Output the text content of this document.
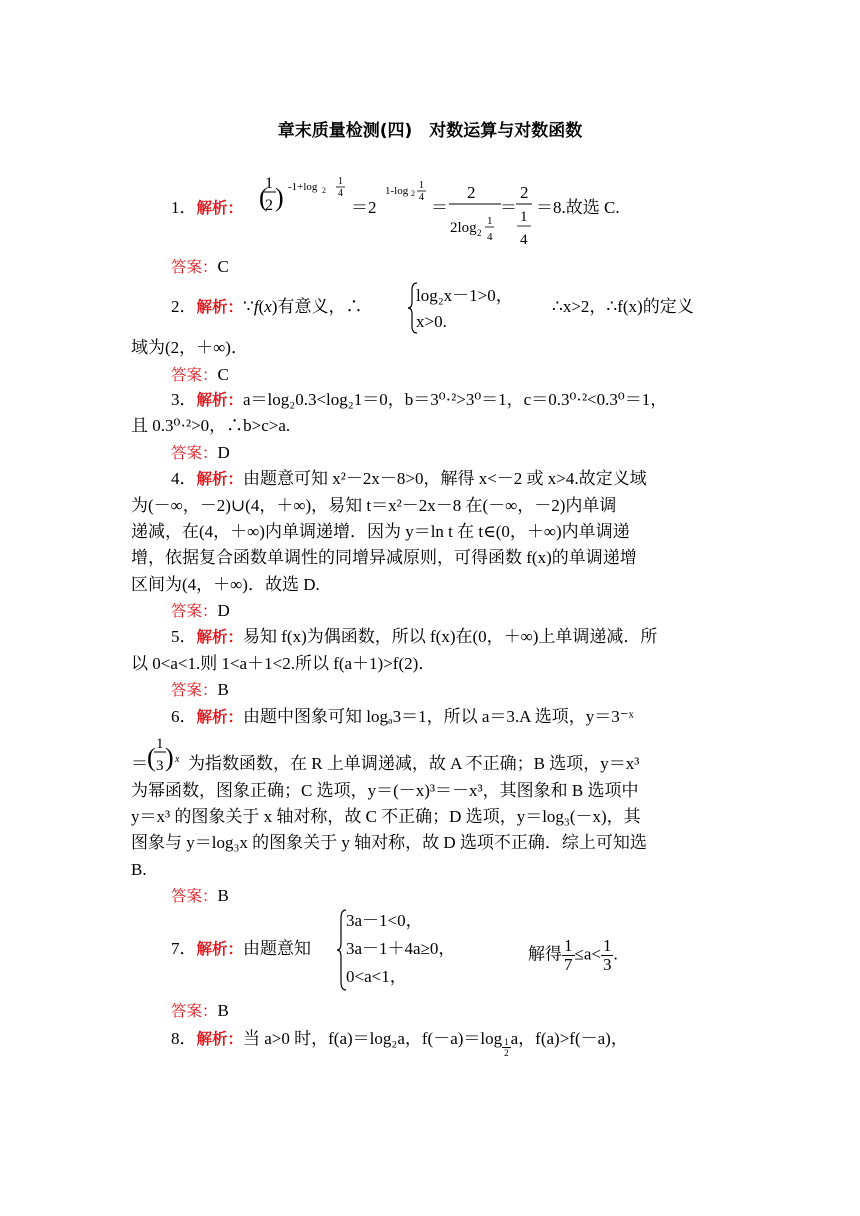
章末质量检测(四)　对数运算与对数函数
1．解析： (
1
2 ) -1+log 2
1
4
＝2
1-log 2
1
4
＝
2
2log 2
1
4
＝
2
1
4
＝8.故选 C.
答案：C
2．解析：∵f(x)有意义，∴
log₂x－1>0，
x>0.
∴x>2，∴f(x)的定义
域为(2，＋∞)．
答案：C
3．解析：a＝log₂0.3<log₂1＝0，b＝3⁰·²>3⁰＝1，c＝0.3⁰·²<0.3⁰＝1，
且 0.3⁰·²>0，∴b>c>a.
答案：D
4．解析：由题意可知 x²－2x－8>0，解得 x<－2 或 x>4.故定义域
为(－∞，－2)∪(4，＋∞)，易知 t＝x²－2x－8 在(－∞，－2)内单调
递减，在(4，＋∞)内单调递增．因为 y＝ln t 在 t∈(0，＋∞)内单调递
增，依据复合函数单调性的同增异减原则，可得函数 f(x)的单调递增
区间为(4，＋∞)．故选 D.
答案：D
5．解析：易知 f(x)为偶函数，所以 f(x)在(0，＋∞)上单调递减．所
以 0<a<1.则 1<a＋1<2.所以 f(a＋1)>f(2)．
答案：B
6．解析：由题中图象可知 logₐ3＝1，所以 a＝3.A 选项，y＝3⁻ˣ
＝ ( 1
3 ) x 为指数函数，在 R 上单调递减，故 A 不正确；B 选项，y＝x³
为幂函数，图象正确；C 选项，y＝(－x)³＝－x³，其图象和 B 选项中
y＝x³ 的图象关于 x 轴对称，故 C 不正确；D 选项，y＝log₃(－x)，其
图象与 y＝log₃x 的图象关于 y 轴对称，故 D 选项不正确．综上可知选
B.
答案：B
7．解析：由题意知
3a－1<0，
3a－1＋4a≥0，
0<a<1，
解得 $\frac{1}{7} \le a< \frac{1}{3}$ .
答案：B
8．解析：当 a>0 时，f(a)＝log₂a，$f(-a)=\log \frac{1}{2}$ a，f(a)>f(－a)，
